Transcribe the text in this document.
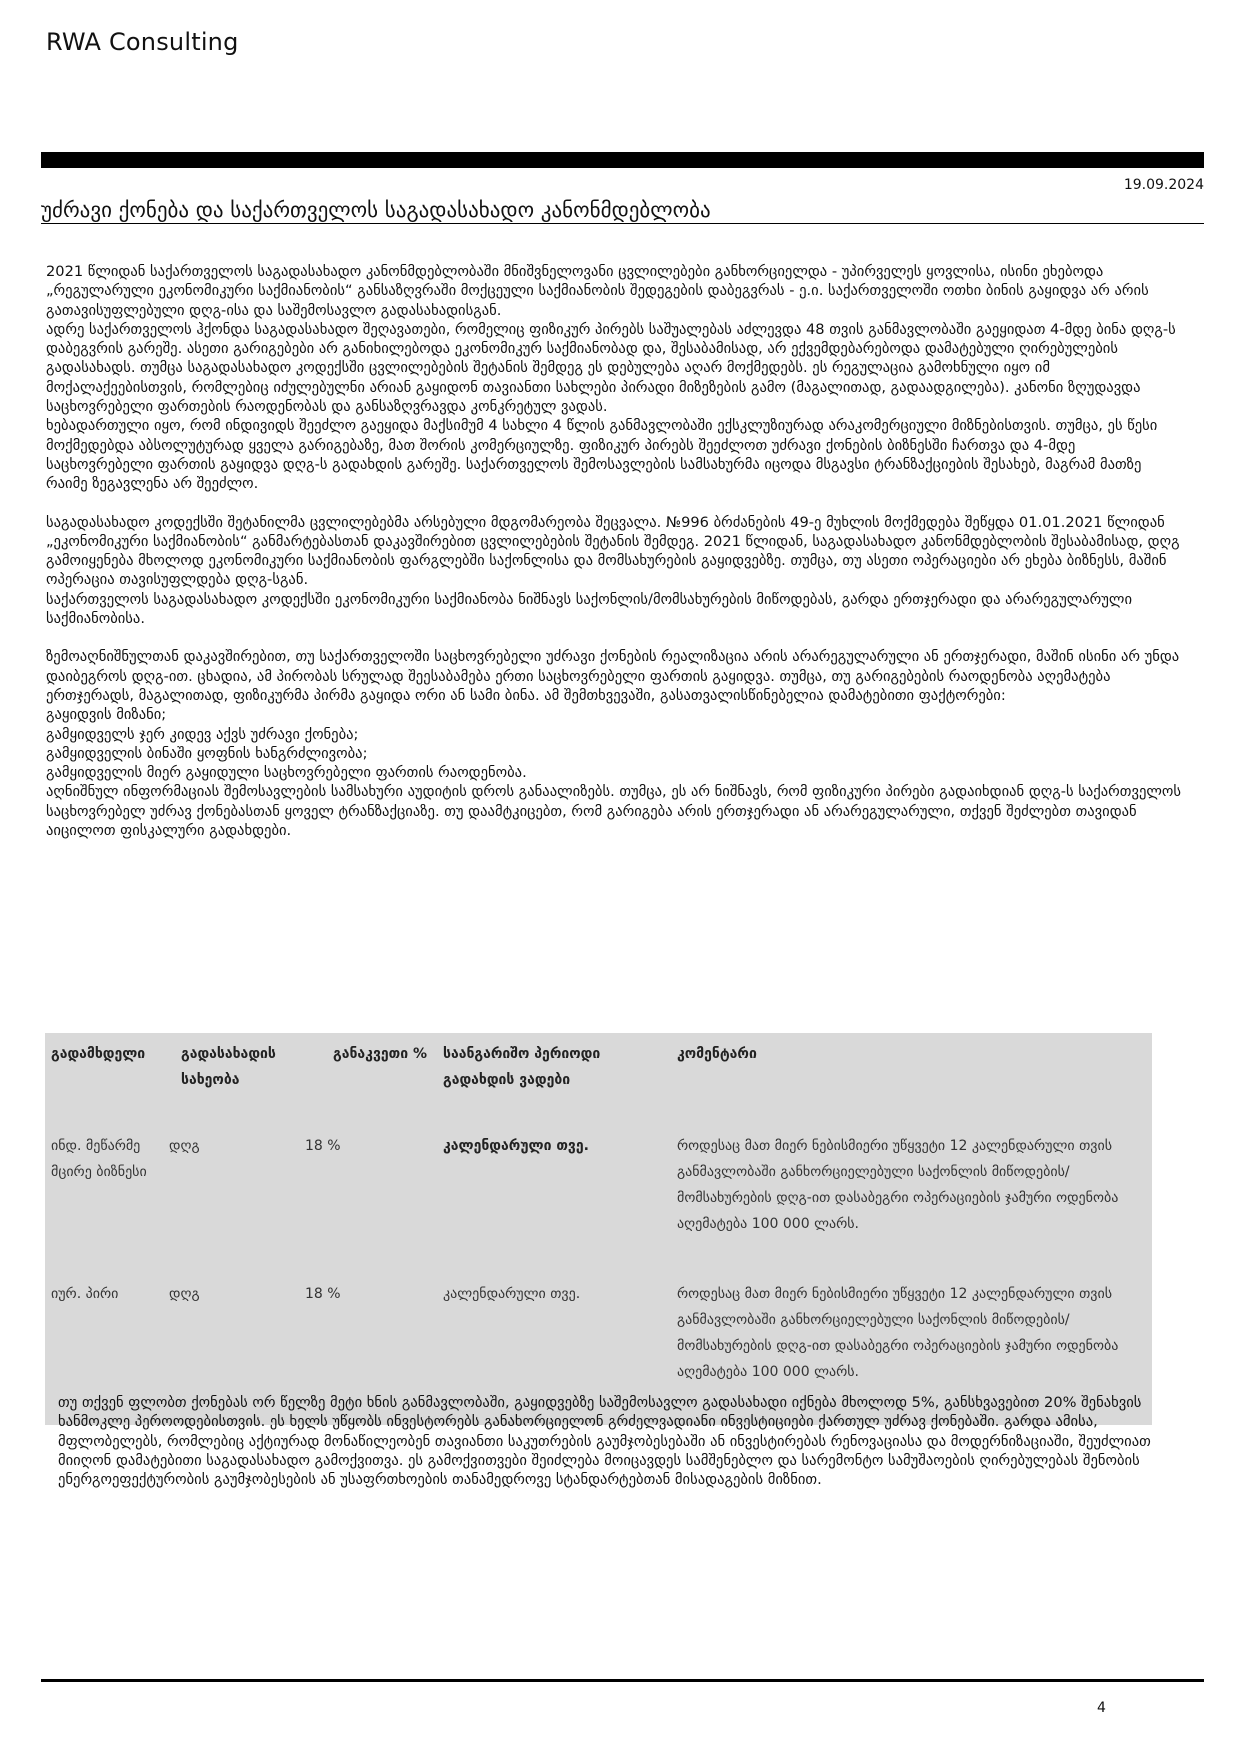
RWA Consulting
19.09.2024
უძრავი ქონება და საქართველოს საგადასახადო კანონმდებლობა

2021 წლიდან საქართველოს საგადასახადო კანონმდებლობაში მნიშვნელოვანი ცვლილებები განხორციელდა - უპირველეს ყოვლისა, ისინი ეხებოდა „რეგულარული ეკონომიკური საქმიანობის“ განსაზღვრაში მოქცეული საქმიანობის შედეგების დაბეგვრას - ე.ი. საქართველოში ოთხი ბინის გაყიდვა არ არის გათავისუფლებული დღგ-ისა და საშემოსავლო გადასახადისგან.

ადრე საქართველოს ჰქონდა საგადასახადო შეღავათები, რომელიც ფიზიკურ პირებს საშუალებას აძლევდა 48 თვის განმავლობაში გაეყიდათ 4-მდე ბინა დღგ-ს დაბეგვრის გარეშე. ასეთი გარიგებები არ განიხილებოდა ეკონომიკურ საქმიანობად და, შესაბამისად, არ ექვემდებარებოდა დამატებული ღირებულების გადასახადს. თუმცა საგადასახადო კოდექსში ცვლილებების შეტანის შემდეგ ეს დებულება აღარ მოქმედებს. ეს რეგულაცია გამოხნული იყო იმ მოქალაქეებისთვის, რომლებიც იძულებულნი არიან გაყიდონ თავიანთი სახლები პირადი მიზეზების გამო (მაგალითად, გადაადგილება). კანონი ზღუდავდა საცხოვრებელი ფართების რაოდენობას და განსაზღვრავდა კონკრეტულ ვადას.

ხებადართული იყო, რომ ინდივიდს შეეძლო გაეყიდა მაქსიმუმ 4 სახლი 4 წლის განმავლობაში ექსკლუზიურად არაკომერციული მიზნებისთვის. თუმცა, ეს წესი მოქმედებდა აბსოლუტურად ყველა გარიგებაზე, მათ შორის კომერციულზე. ფიზიკურ პირებს შეეძლოთ უძრავი ქონების ბიზნესში ჩართვა და 4-მდე საცხოვრებელი ფართის გაყიდვა დღგ-ს გადახდის გარეშე. საქართველოს შემოსავლების სამსახურმა იცოდა მსგავსი ტრანზაქციების შესახებ, მაგრამ მათზე რაიმე ზეგავლენა არ შეეძლო.

საგადასახადო კოდექსში შეტანილმა ცვლილებებმა არსებული მდგომარეობა შეცვალა. №996 ბრძანების 49-ე მუხლის მოქმედება შეწყდა 01.01.2021 წლიდან „ეკონომიკური საქმიანობის“ განმარტებასთან დაკავშირებით ცვლილებების შეტანის შემდეგ. 2021 წლიდან, საგადასახადო კანონმდებლობის შესაბამისად, დღგ გამოიყენება მხოლოდ ეკონომიკური საქმიანობის ფარგლებში საქონლისა და მომსახურების გაყიდვებზე. თუმცა, თუ ასეთი ოპერაციები არ ეხება ბიზნესს, მაშინ ოპერაცია თავისუფლდება დღგ-სგან.

საქართველოს საგადასახადო კოდექსში ეკონომიკური საქმიანობა ნიშნავს საქონლის/მომსახურების მიწოდებას, გარდა ერთჯერადი და არარეგულარული საქმიანობისა.

ზემოაღნიშნულთან დაკავშირებით, თუ საქართველოში საცხოვრებელი უძრავი ქონების რეალიზაცია არის არარეგულარული ან ერთჯერადი, მაშინ ისინი არ უნდა დაიბეგროს დღგ-ით. ცხადია, ამ პირობას სრულად შეესაბამება ერთი საცხოვრებელი ფართის გაყიდვა. თუმცა, თუ გარიგებების რაოდენობა აღემატება ერთჯერადს, მაგალითად, ფიზიკურმა პირმა გაყიდა ორი ან სამი ბინა. ამ შემთხვევაში, გასათვალისწინებელია დამატებითი ფაქტორები:

გაყიდვის მიზანი;

გამყიდველს ჯერ კიდევ აქვს უძრავი ქონება;

გამყიდველის ბინაში ყოფნის ხანგრძლივობა;

გამყიდველის მიერ გაყიდული საცხოვრებელი ფართის რაოდენობა.

აღნიშნულ ინფორმაციას შემოსავლების სამსახური აუდიტის დროს განაალიზებს. თუმცა, ეს არ ნიშნავს, რომ ფიზიკური პირები გადაიხდიან დღგ-ს საქართველოს საცხოვრებელ უძრავ ქონებასთან ყოველ ტრანზაქციაზე. თუ დაამტკიცებთ, რომ გარიგება არის ერთჯერადი ან არარეგულარული, თქვენ შეძლებთ თავიდან აიცილოთ ფისკალური გადახდები.

გადამხდელი	გადასახადის სახეობა	განაკვეთი %	საანგარიშო პერიოდი გადახდის ვადები	კომენტარი
ინდ. მეწარმე მცირე ბიზნესი	დღგ	18 %	კალენდარული თვე.	როდესაც მათ მიერ ნებისმიერი უწყვეტი 12 კალენდარული თვის განმავლობაში განხორციელებული საქონლის მიწოდების/მომსახურების დღგ-ით დასაბეგრი ოპერაციების ჯამური ოდენობა აღემატება 100 000 ლარს.
იურ. პირი	დღგ	18 %	კალენდარული თვე.	როდესაც მათ მიერ ნებისმიერი უწყვეტი 12 კალენდარული თვის განმავლობაში განხორციელებული საქონლის მიწოდების/მომსახურების დღგ-ით დასაბეგრი ოპერაციების ჯამური ოდენობა აღემატება 100 000 ლარს.

თუ თქვენ ფლობთ ქონებას ორ წელზე მეტი ხნის განმავლობაში, გაყიდვებზე საშემოსავლო გადასახადი იქნება მხოლოდ 5%, განსხვავებით 20% შენახვის ხანმოკლე პეროოდებისთვის. ეს ხელს უწყობს ინვესტორებს განახორციელონ გრძელვადიანი ინვესტიციები ქართულ უძრავ ქონებაში. გარდა ამისა, მფლობელებს, რომლებიც აქტიურად მონაწილეობენ თავიანთი საკუთრების გაუმჯობესებაში ან ინვესტირებას რენოვაციასა და მოდერნიზაციაში, შეუძლიათ მიიღონ დამატებითი საგადასახადო გამოქვითვა. ეს გამოქვითვები შეიძლება მოიცავდეს სამშენებლო და სარემონტო სამუშაოების ღირებულებას შენობის ენერგოეფექტურობის გაუმჯობესების ან უსაფრთხოების თანამედროვე სტანდარტებთან მისადაგების მიზნით.

4
